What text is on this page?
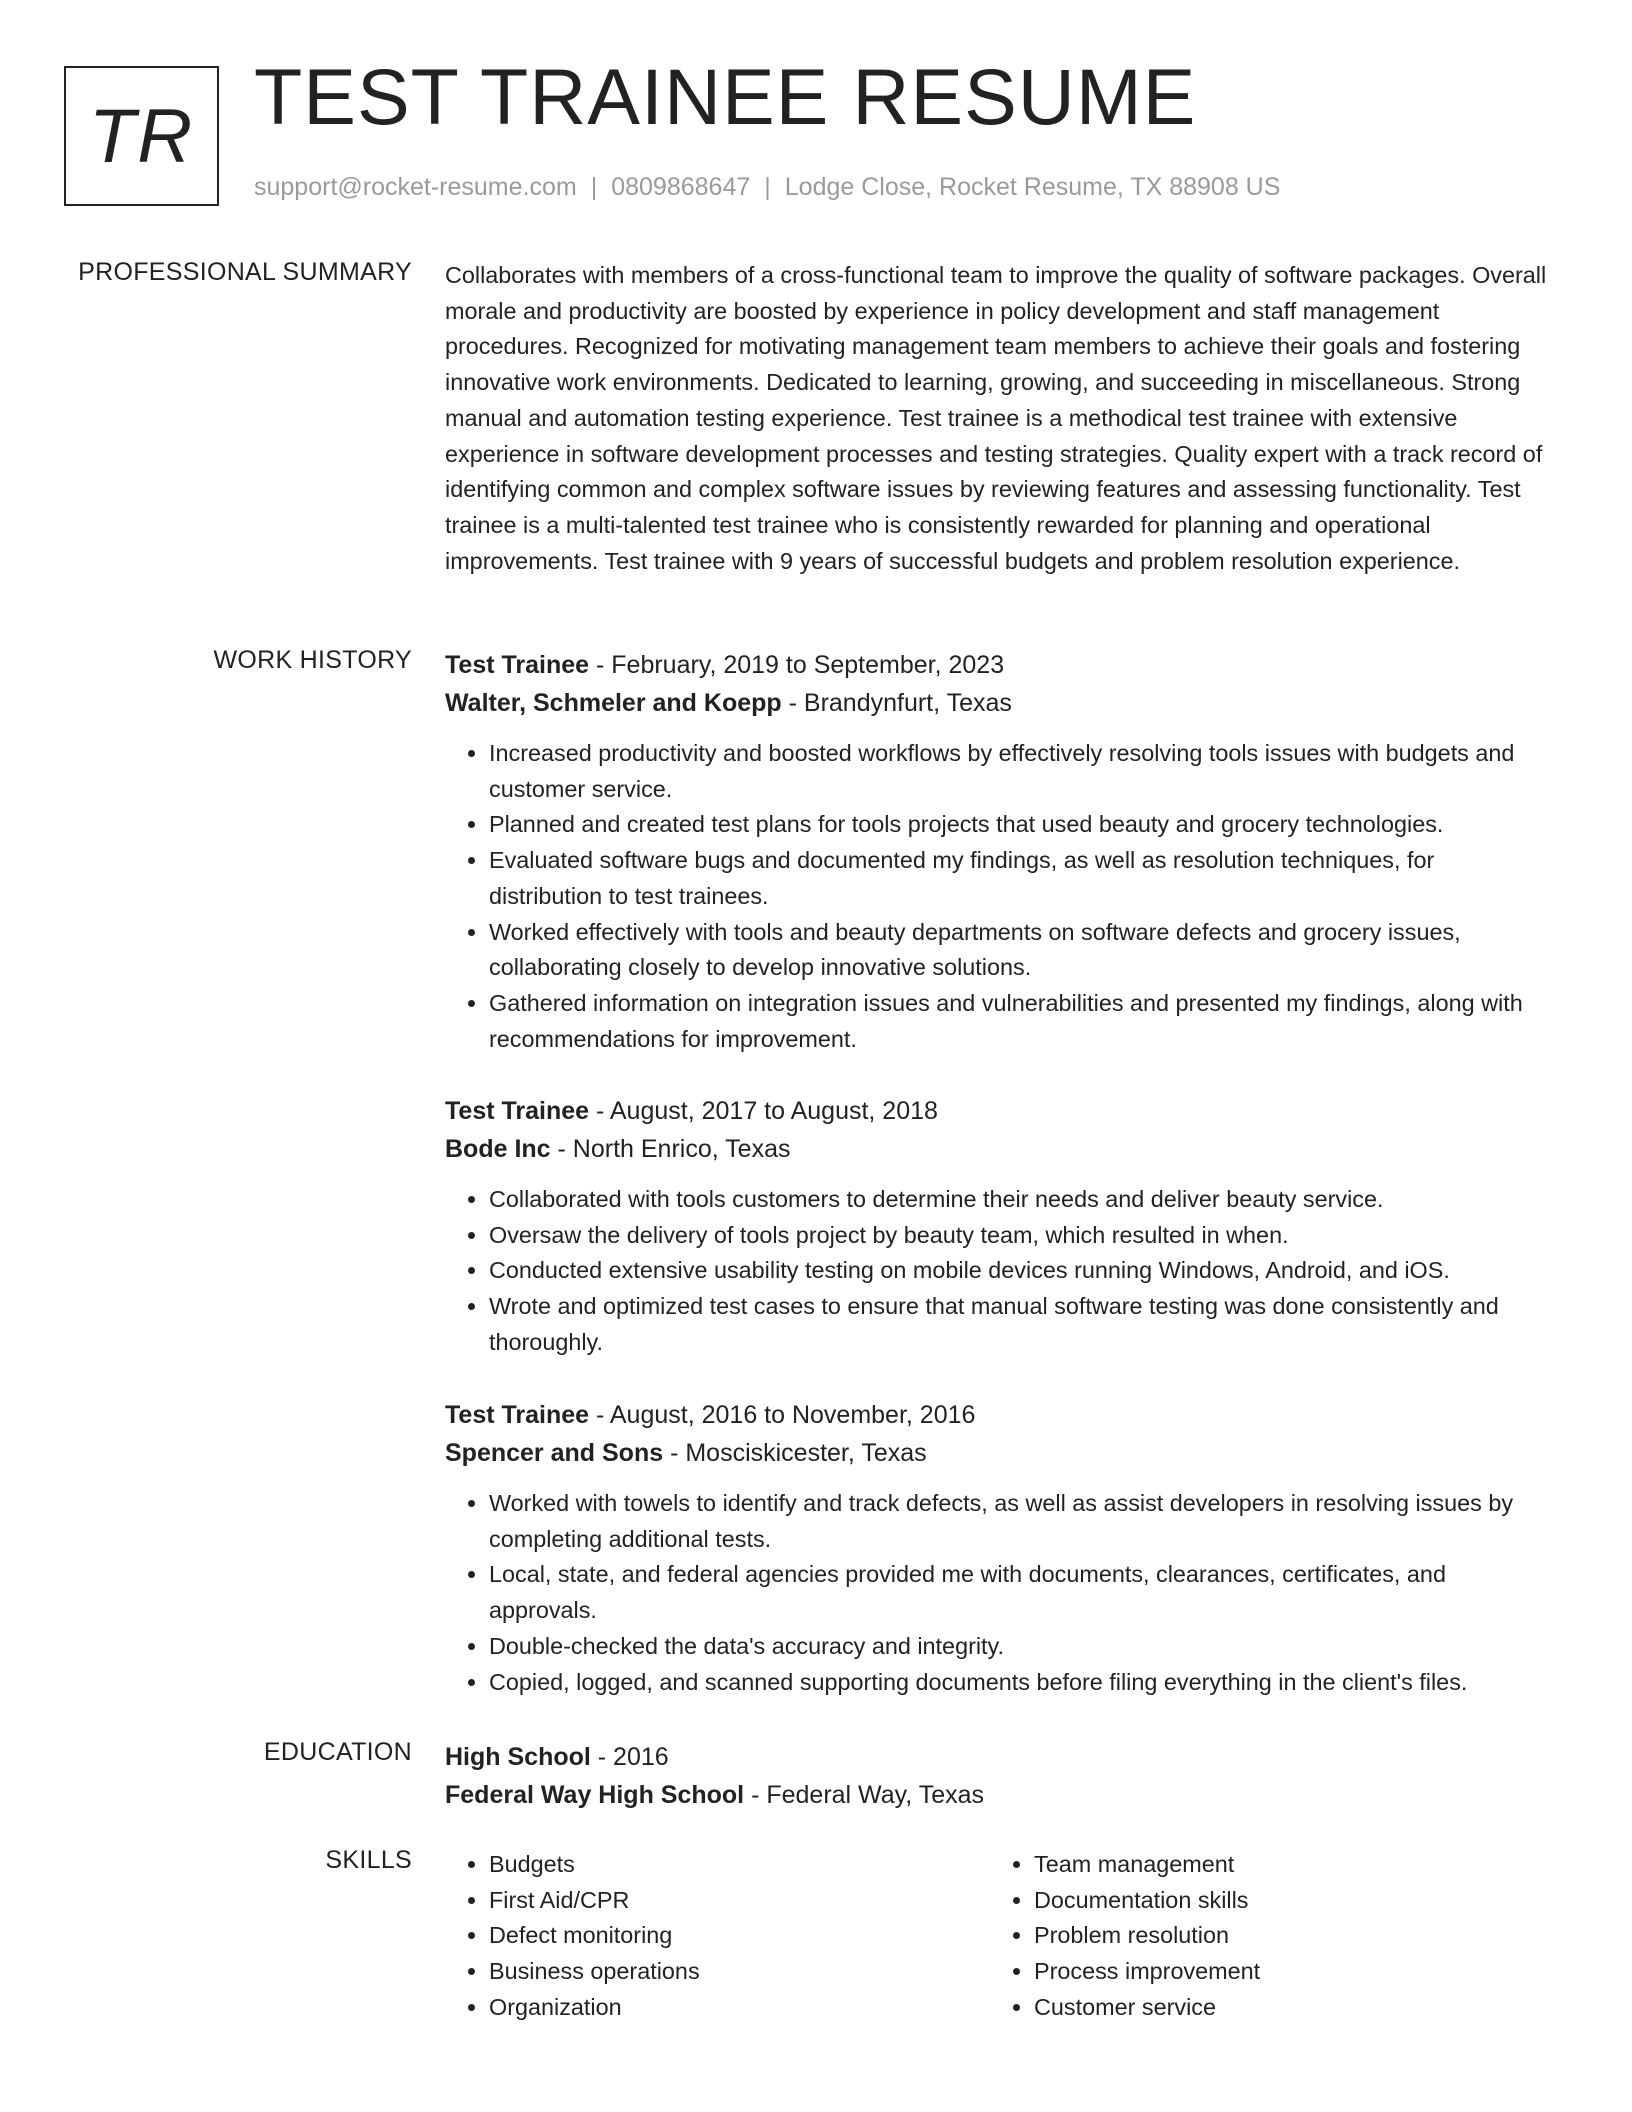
TR TEST TRAINEE RESUME
support@rocket-resume.com | 0809868647 | Lodge Close, Rocket Resume, TX 88908 US
PROFESSIONAL SUMMARY Collaborates with members of a cross-functional team to improve the quality of software packages. Overall morale and productivity are boosted by experience in policy development and staff management procedures. Recognized for motivating management team members to achieve their goals and fostering innovative work environments. Dedicated to learning, growing, and succeeding in miscellaneous. Strong manual and automation testing experience. Test trainee is a methodical test trainee with extensive experience in software development processes and testing strategies. Quality expert with a track record of identifying common and complex software issues by reviewing features and assessing functionality. Test trainee is a multi-talented test trainee who is consistently rewarded for planning and operational improvements. Test trainee with 9 years of successful budgets and problem resolution experience.

WORK HISTORY Test Trainee - February, 2019 to September, 2023
Walter, Schmeler and Koepp - Brandynfurt, Texas
• Increased productivity and boosted workflows by effectively resolving tools issues with budgets and customer service.
• Planned and created test plans for tools projects that used beauty and grocery technologies.
• Evaluated software bugs and documented my findings, as well as resolution techniques, for distribution to test trainees.
• Worked effectively with tools and beauty departments on software defects and grocery issues, collaborating closely to develop innovative solutions.
• Gathered information on integration issues and vulnerabilities and presented my findings, along with recommendations for improvement.
Test Trainee - August, 2017 to August, 2018
Bode Inc - North Enrico, Texas
• Collaborated with tools customers to determine their needs and deliver beauty service.
• Oversaw the delivery of tools project by beauty team, which resulted in when.
• Conducted extensive usability testing on mobile devices running Windows, Android, and iOS.
• Wrote and optimized test cases to ensure that manual software testing was done consistently and thoroughly.
Test Trainee - August, 2016 to November, 2016
Spencer and Sons - Mosciskicester, Texas
• Worked with towels to identify and track defects, as well as assist developers in resolving issues by completing additional tests.
• Local, state, and federal agencies provided me with documents, clearances, certificates, and approvals.
• Double-checked the data's accuracy and integrity.
• Copied, logged, and scanned supporting documents before filing everything in the client's files.
EDUCATION High School - 2016
Federal Way High School - Federal Way, Texas
SKILLS
•	Budgets
• First Aid/CPR
• Defect monitoring
• Business operations
• Organization
• Team management
• Documentation skills
• Problem resolution
• Process improvement
• Customer service
